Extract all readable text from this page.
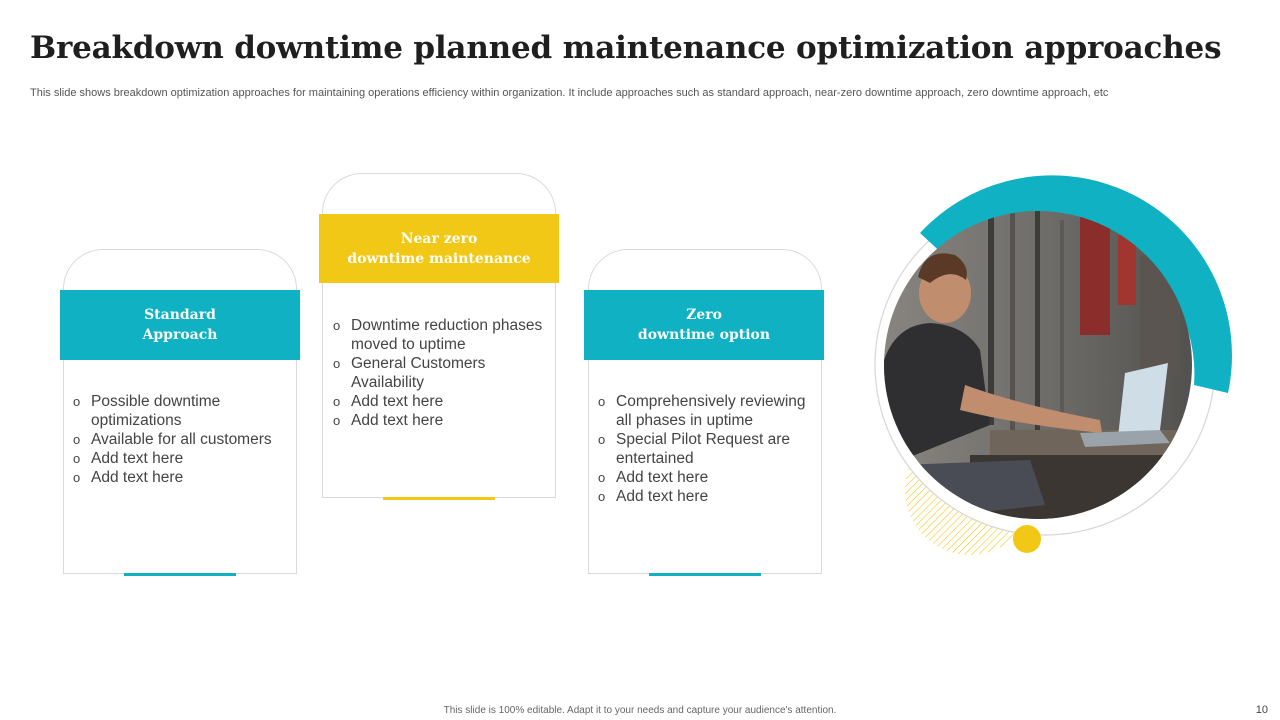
Breakdown downtime planned maintenance optimization approaches

This slide shows breakdown optimization approaches for maintaining operations efficiency within organization. It include approaches such as standard approach, near-zero downtime approach, zero downtime approach, etc

Standard
Approach
o Possible downtime optimizations
o Available for all customers
o Add text here
o Add text here
Near zero
downtime maintenance
o Downtime reduction phases moved to uptime
o General Customers Availability
o Add text here
o Add text here
Zero
downtime option
o Comprehensively reviewing all phases in uptime
o Special Pilot Request are entertained
o Add text here
o Add text here
This slide is 100% editable. Adapt it to your needs and capture your audience's attention.	10
